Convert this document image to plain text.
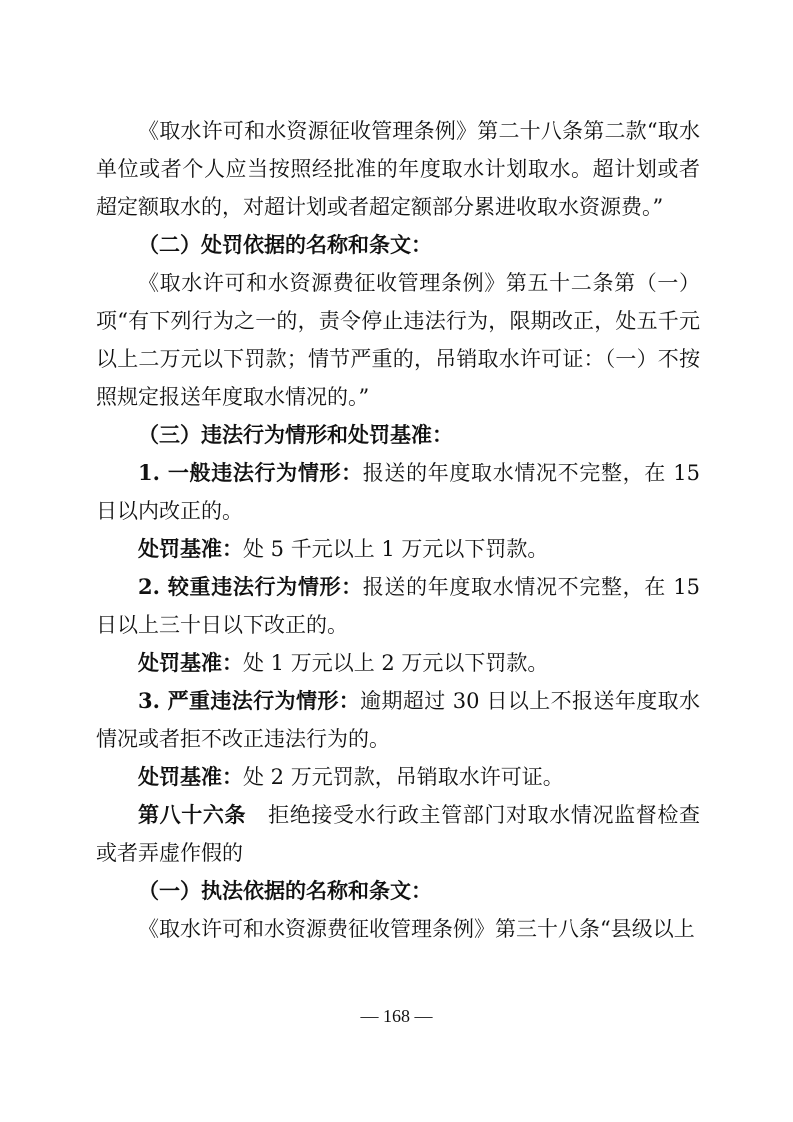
《取水许可和水资源征收管理条例》第二十八条第二款“取水单位或者个人应当按照经批准的年度取水计划取水。超计划或者超定额取水的，对超计划或者超定额部分累进收取水资源费。”

（二）处罚依据的名称和条文：

《取水许可和水资源费征收管理条例》第五十二条第（一）项“有下列行为之一的，责令停止违法行为，限期改正，处五千元以上二万元以下罚款；情节严重的，吊销取水许可证：（一）不按照规定报送年度取水情况的。”

（三）违法行为情形和处罚基准：

1. 一般违法行为情形：报送的年度取水情况不完整，在 15 日以内改正的。

处罚基准：处 5 千元以上 1 万元以下罚款。

2. 较重违法行为情形：报送的年度取水情况不完整，在 15 日以上三十日以下改正的。

处罚基准：处 1 万元以上 2 万元以下罚款。

3. 严重违法行为情形：逾期超过 30 日以上不报送年度取水情况或者拒不改正违法行为的。

处罚基准：处 2 万元罚款，吊销取水许可证。

第八十六条 拒绝接受水行政主管部门对取水情况监督检查或者弄虚作假的

（一）执法依据的名称和条文：

《取水许可和水资源费征收管理条例》第三十八条“县级以上

— 168 —
